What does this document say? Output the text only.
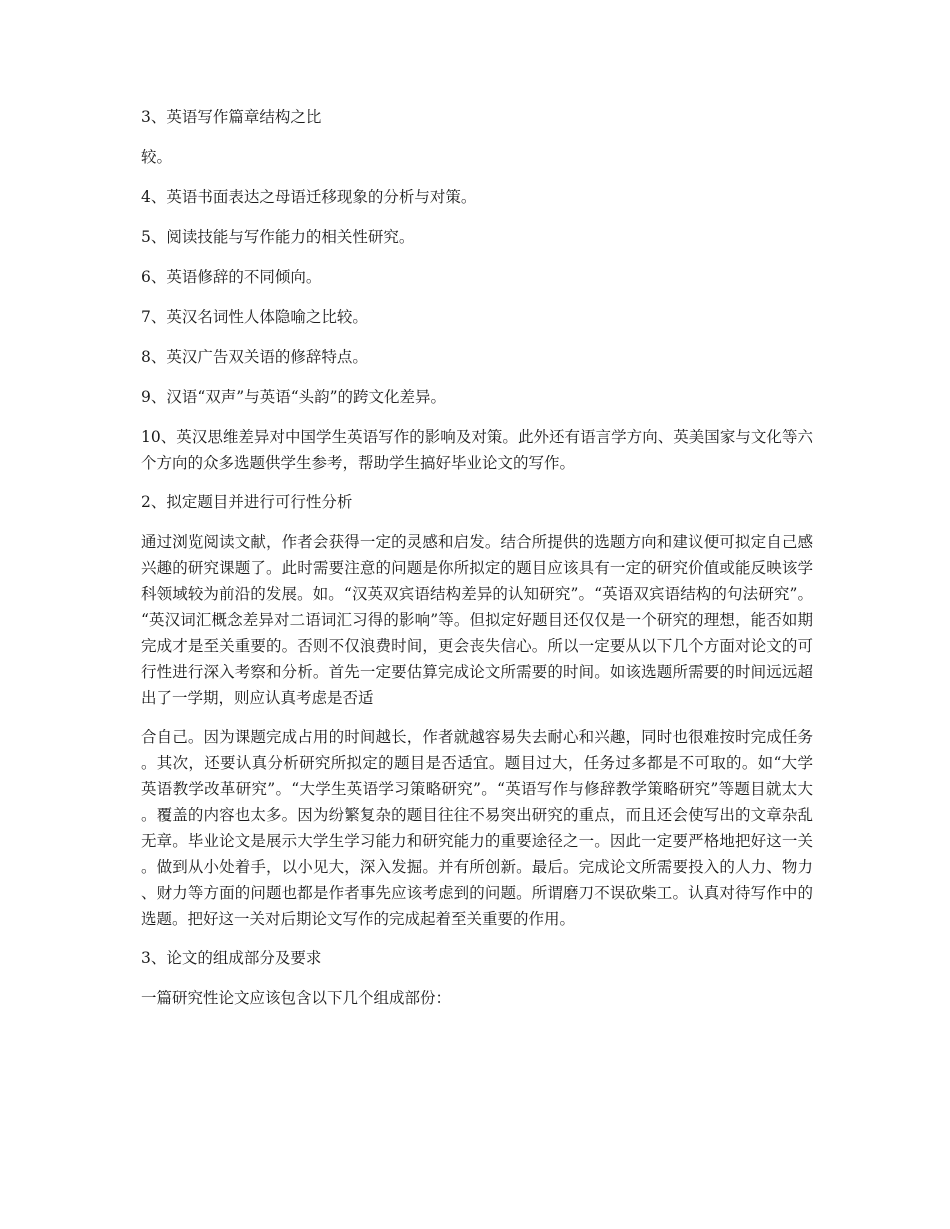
3、英语写作篇章结构之比

较。

4、英语书面表达之母语迁移现象的分析与对策。

5、阅读技能与写作能力的相关性研究。

6、英语修辞的不同倾向。

7、英汉名词性人体隐喻之比较。

8、英汉广告双关语的修辞特点。

9、汉语“双声”与英语“头韵”的跨文化差异。

10、英汉思维差异对中国学生英语写作的影响及对策。此外还有语言学方向、英美国家与文化等六个方向的众多选题供学生参考，帮助学生搞好毕业论文的写作。

2、拟定题目并进行可行性分析

通过浏览阅读文献，作者会获得一定的灵感和启发。结合所提供的选题方向和建议便可拟定自己感兴趣的研究课题了。此时需要注意的问题是你所拟定的题目应该具有一定的研究价值或能反映该学科领域较为前沿的发展。如。“汉英双宾语结构差异的认知研究”。“英语双宾语结构的句法研究”。“英汉词汇概念差异对二语词汇习得的影响”等。但拟定好题目还仅仅是一个研究的理想，能否如期完成才是至关重要的。否则不仅浪费时间，更会丧失信心。所以一定要从以下几个方面对论文的可行性进行深入考察和分析。首先一定要估算完成论文所需要的时间。如该选题所需要的时间远远超出了一学期，则应认真考虑是否适

合自己。因为课题完成占用的时间越长，作者就越容易失去耐心和兴趣，同时也很难按时完成任务。其次，还要认真分析研究所拟定的题目是否适宜。题目过大，任务过多都是不可取的。如“大学英语教学改革研究”。“大学生英语学习策略研究”。“英语写作与修辞教学策略研究”等题目就太大。覆盖的内容也太多。因为纷繁复杂的题目往往不易突出研究的重点，而且还会使写出的文章杂乱无章。毕业论文是展示大学生学习能力和研究能力的重要途径之一。因此一定要严格地把好这一关。做到从小处着手，以小见大，深入发掘。并有所创新。最后。完成论文所需要投入的人力、物力、财力等方面的问题也都是作者事先应该考虑到的问题。所谓磨刀不误砍柴工。认真对待写作中的选题。把好这一关对后期论文写作的完成起着至关重要的作用。

3、论文的组成部分及要求

一篇研究性论文应该包含以下几个组成部份：
